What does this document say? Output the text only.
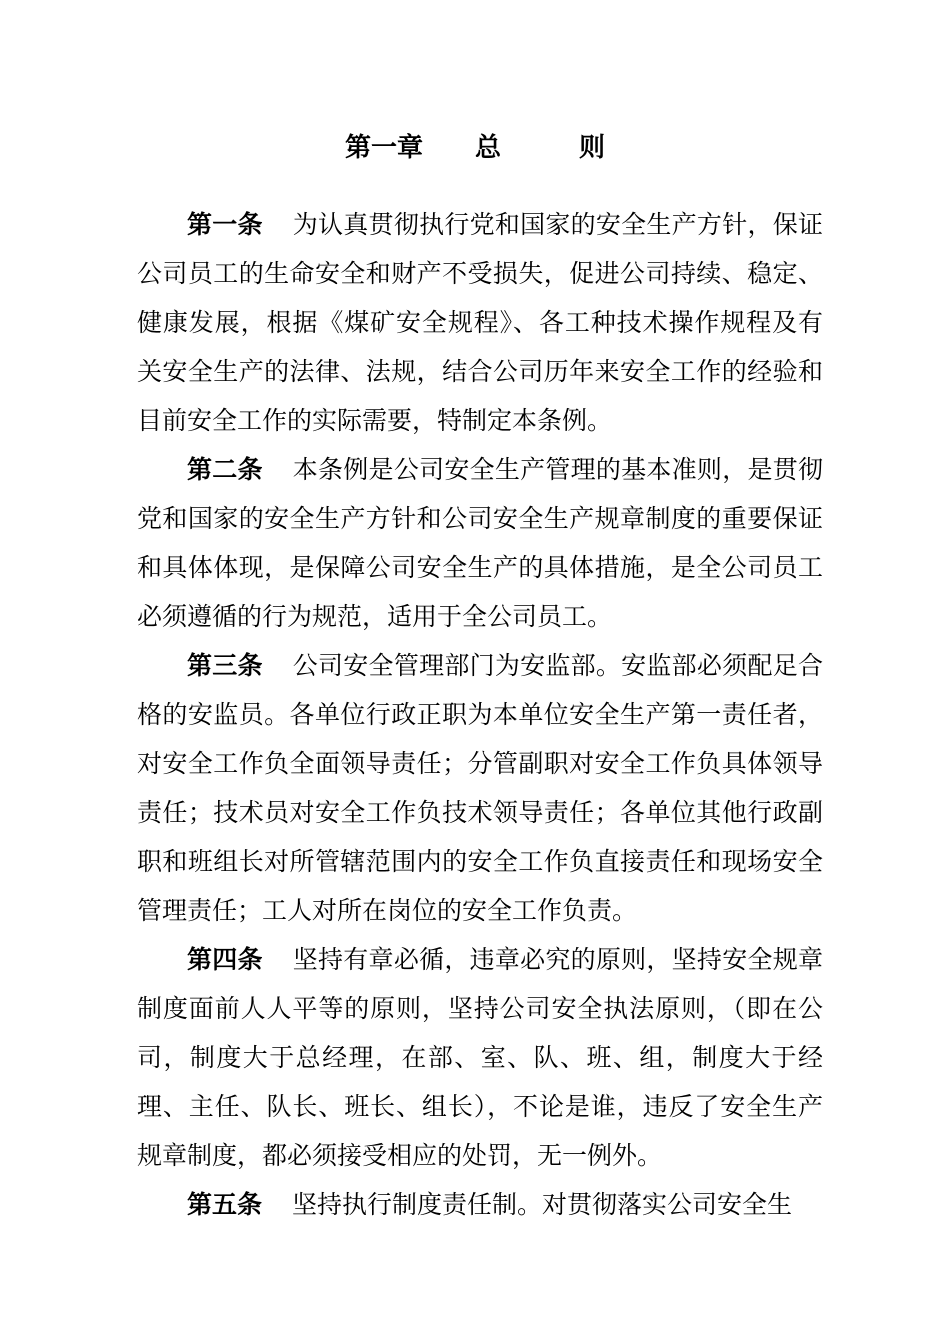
第一章　　总　　　则

第一条 为认真贯彻执行党和国家的安全生产方针，保证公司员工的生命安全和财产不受损失，促进公司持续、稳定、健康发展，根据《煤矿安全规程》、各工种技术操作规程及有关安全生产的法律、法规，结合公司历年来安全工作的经验和目前安全工作的实际需要，特制定本条例。

第二条 本条例是公司安全生产管理的基本准则，是贯彻党和国家的安全生产方针和公司安全生产规章制度的重要保证和具体体现，是保障公司安全生产的具体措施，是全公司员工必须遵循的行为规范，适用于全公司员工。

第三条 公司安全管理部门为安监部。安监部必须配足合格的安监员。各单位行政正职为本单位安全生产第一责任者，对安全工作负全面领导责任；分管副职对安全工作负具体领导责任；技术员对安全工作负技术领导责任；各单位其他行政副职和班组长对所管辖范围内的安全工作负直接责任和现场安全管理责任；工人对所在岗位的安全工作负责。

第四条 坚持有章必循，违章必究的原则，坚持安全规章制度面前人人平等的原则，坚持公司安全执法原则，（即在公司，制度大于总经理，在部、室、队、班、组，制度大于经理、主任、队长、班长、组长），不论是谁，违反了安全生产规章制度，都必须接受相应的处罚，无一例外。

第五条 坚持执行制度责任制。对贯彻落实公司安全生
